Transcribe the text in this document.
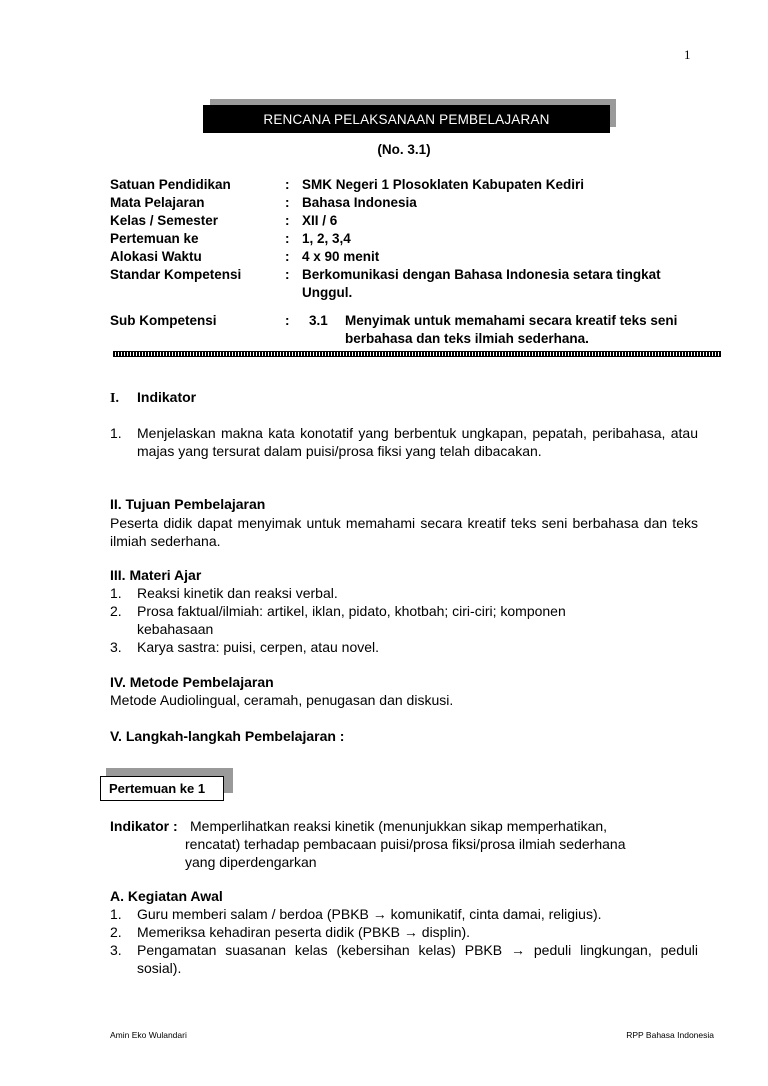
1
RENCANA PELAKSANAAN PEMBELAJARAN
(No. 3.1)
Satuan Pendidikan	: SMK Negeri 1 Plosoklaten Kabupaten Kediri
Mata Pelajaran	: Bahasa Indonesia
Kelas / Semester	: XII / 6
Pertemuan ke	: 1, 2, 3,4
Alokasi Waktu	: 4 x 90 menit
Standar Kompetensi	: Berkomunikasi dengan Bahasa Indonesia setara tingkat Unggul.
Sub Kompetensi	:	3.1 Menyimak untuk memahami secara kreatif teks seni berbahasa dan teks ilmiah sederhana.
I. Indikator
1.	Menjelaskan makna kata konotatif yang berbentuk ungkapan, pepatah, peribahasa, atau majas yang tersurat dalam puisi/prosa fiksi yang telah dibacakan.
II. Tujuan Pembelajaran
Peserta didik dapat menyimak untuk memahami secara kreatif teks seni berbahasa dan teks ilmiah sederhana.
III. Materi Ajar
1.	Reaksi kinetik dan reaksi verbal.
2.	Prosa faktual/ilmiah: artikel, iklan, pidato, khotbah; ciri-ciri; komponen kebahasaan
3.	Karya sastra: puisi, cerpen, atau novel.
IV. Metode Pembelajaran
Metode Audiolingual, ceramah, penugasan dan diskusi.
V. Langkah-langkah Pembelajaran :
Pertemuan ke 1
Indikator : Memperlihatkan reaksi kinetik (menunjukkan sikap memperhatikan,
rencatat) terhadap pembacaan puisi/prosa fiksi/prosa ilmiah sederhana
yang diperdengarkan
A. Kegiatan Awal
1.	Guru memberi salam / berdoa (PBKB → komunikatif, cinta damai, religius).
2.	Memeriksa kehadiran peserta didik (PBKB → displin).
3.	Pengamatan suasanan kelas (kebersihan kelas) PBKB → peduli lingkungan, peduli sosial).
Amin Eko Wulandari	RPP Bahasa Indonesia
